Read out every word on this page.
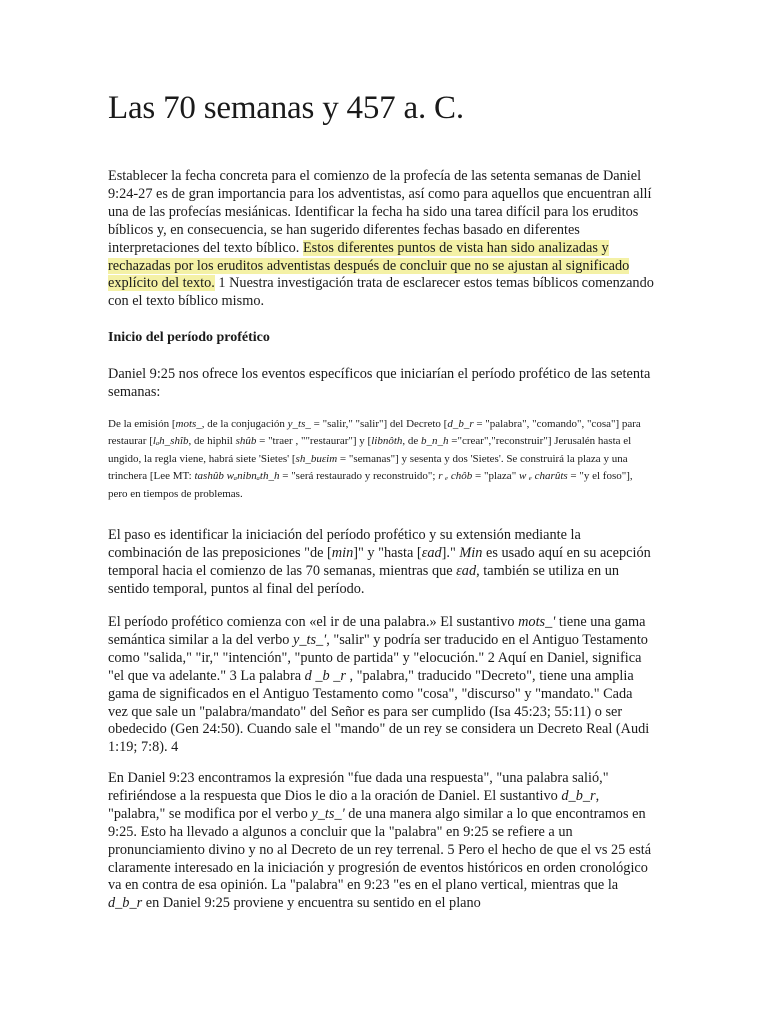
Las 70 semanas y 457 a. C.

Establecer la fecha concreta para el comienzo de la profecía de las setenta semanas de Daniel 9:24-27 es de gran importancia para los adventistas, así como para aquellos que encuentran allí una de las profecías mesiánicas. Identificar la fecha ha sido una tarea difícil para los eruditos bíblicos y, en consecuencia, se han sugerido diferentes fechas basado en diferentes interpretaciones del texto bíblico. Estos diferentes puntos de vista han sido analizadas y rechazadas por los eruditos adventistas después de concluir que no se ajustan al significado explícito del texto. 1 Nuestra investigación trata de esclarecer estos temas bíblicos comenzando con el texto bíblico mismo.

Inicio del período profético

Daniel 9:25 nos ofrece los eventos específicos que iniciarían el período profético de las setenta semanas:

De la emisión [mots_, de la conjugación y_ts_ = "salir," "salir"] del Decreto [d_b_r = "palabra", "comando", "cosa"] para restaurar [lₐh_shîb, de hiphil shûb = "traer , ""restaurar"] y [libnôth, de b_n_h ="crear","reconstruir"] Jerusalén hasta el ungido, la regla viene, habrá siete 'Sietes' [sh_buεim = "semanas"] y sesenta y dos 'Sietes'. Se construirá la plaza y una trinchera [Lee MT: tashûb wₐnibnₐth_h = "será restaurado y reconstruido"; r ₑ chôb = "plaza" w ₑ charûts = "y el foso"], pero en tiempos de problemas.

El paso es identificar la iniciación del período profético y su extensión mediante la combinación de las preposiciones "de [min]" y "hasta [εad]." Min es usado aquí en su acepción temporal hacia el comienzo de las 70 semanas, mientras que εad, también se utiliza en un sentido temporal, puntos al final del período.

El período profético comienza con «el ir de una palabra.» El sustantivo mots_' tiene una gama semántica similar a la del verbo y_ts_', "salir" y podría ser traducido en el Antiguo Testamento como "salida," "ir," "intención", "punto de partida" y "elocución." 2 Aquí en Daniel, significa "el que va adelante." 3 La palabra d _b _r , "palabra," traducido "Decreto", tiene una amplia gama de significados en el Antiguo Testamento como "cosa", "discurso" y "mandato." Cada vez que sale un "palabra/mandato" del Señor es para ser cumplido (Isa 45:23; 55:11) o ser obedecido (Gen 24:50). Cuando sale el "mando" de un rey se considera un Decreto Real (Audi 1:19; 7:8). 4

En Daniel 9:23 encontramos la expresión "fue dada una respuesta", "una palabra salió," refiriéndose a la respuesta que Dios le dio a la oración de Daniel. El sustantivo d_b_r, "palabra," se modifica por el verbo y_ts_' de una manera algo similar a lo que encontramos en 9:25. Esto ha llevado a algunos a concluir que la "palabra" en 9:25 se refiere a un pronunciamiento divino y no al Decreto de un rey terrenal. 5 Pero el hecho de que el vs 25 está claramente interesado en la iniciación y progresión de eventos históricos en orden cronológico va en contra de esa opinión. La "palabra" en 9:23 "es en el plano vertical, mientras que la d_b_r en Daniel 9:25 proviene y encuentra su sentido en el plano
